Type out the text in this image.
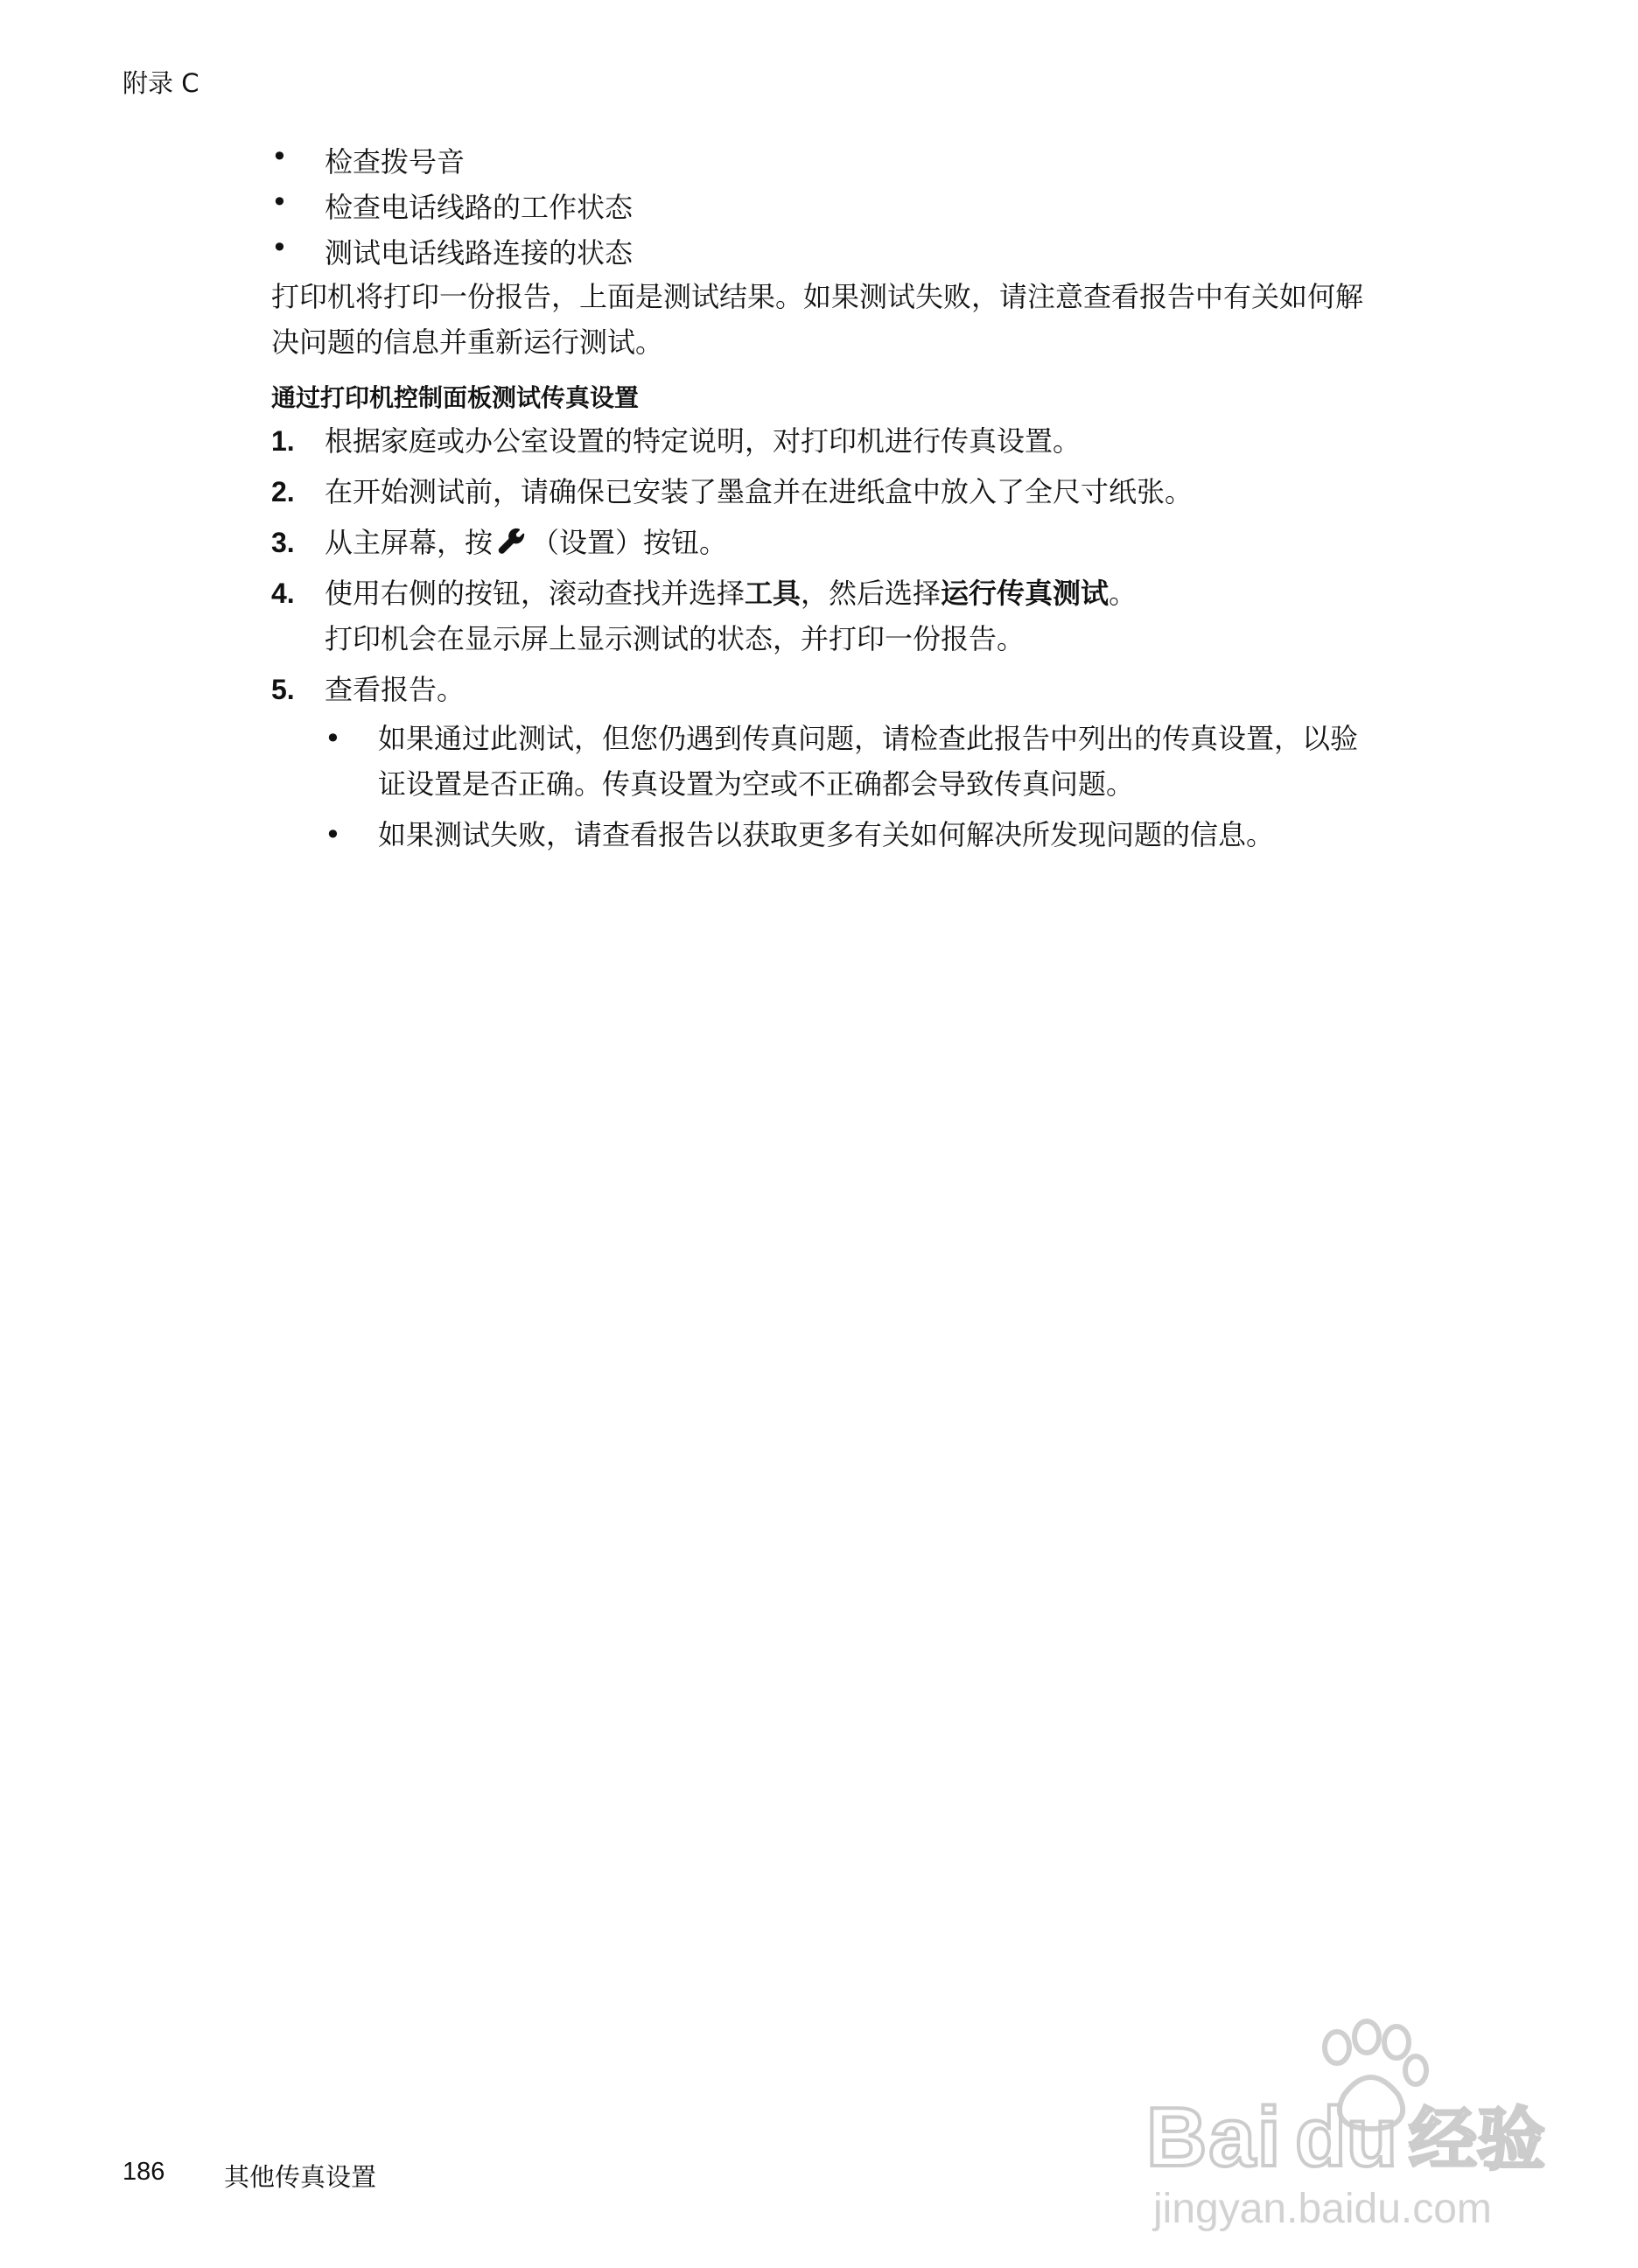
附录 C
•	检查拨号音
•	检查电话线路的工作状态
•	测试电话线路连接的状态
打印机将打印一份报告，上面是测试结果。如果测试失败，请注意查看报告中有关如何解
决问题的信息并重新运行测试。
通过打印机控制面板测试传真设置
1. 根据家庭或办公室设置的特定说明，对打印机进行传真设置。
2. 在开始测试前，请确保已安装了墨盒并在进纸盒中放入了全尺寸纸张。
3. 从主屏幕，按 （设置）按钮。
4. 使用右侧的按钮，滚动查找并选择工具，然后选择运行传真测试。
打印机会在显示屏上显示测试的状态，并打印一份报告。
5. 查看报告。
• 如果通过此测试，但您仍遇到传真问题，请检查此报告中列出的传真设置，以验
证设置是否正确。传真设置为空或不正确都会导致传真问题。
• 如果测试失败，请查看报告以获取更多有关如何解决所发现问题的信息。
186 其他传真设置	Bai du 经验
jingyan.baidu.com
